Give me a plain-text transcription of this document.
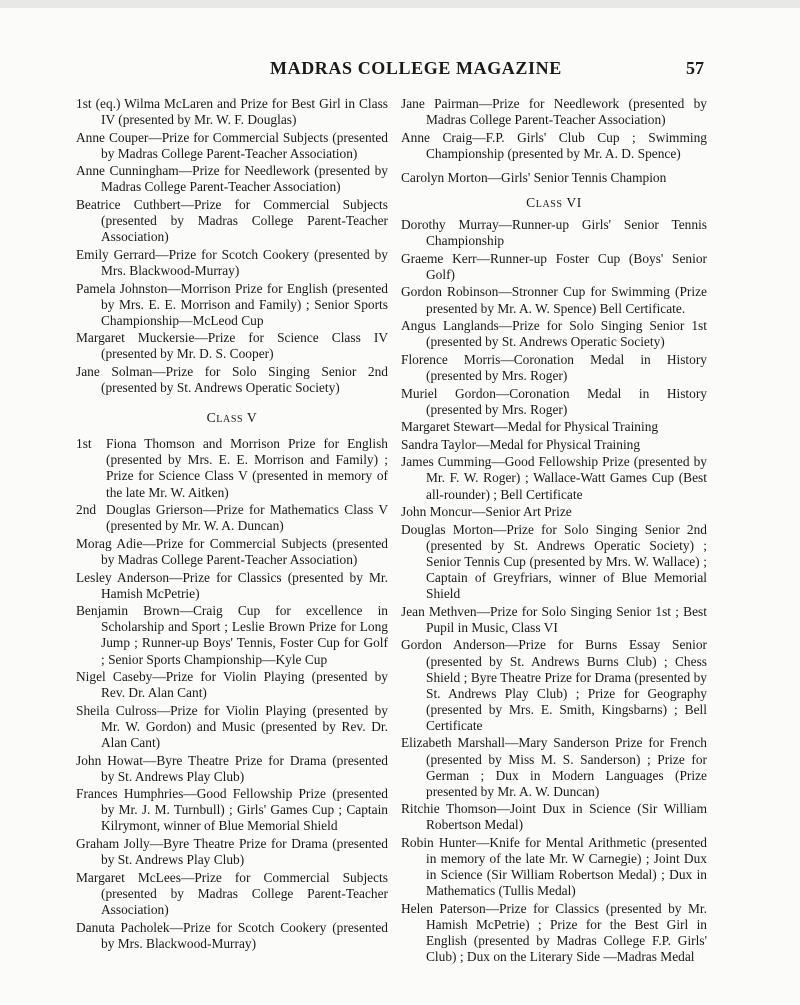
MADRAS COLLEGE MAGAZINE	57

1st (eq.) Wilma McLaren and Prize for Best Girl in Class IV (presented by Mr. W. F. Douglas)

Anne Couper—Prize for Commercial Subjects (presented by Madras College Parent-Teacher Association)

Anne Cunningham—Prize for Needlework (presented by Madras College Parent-Teacher Association)

Beatrice Cuthbert—Prize for Commercial Subjects (presented by Madras College Parent-Teacher Association)

Emily Gerrard—Prize for Scotch Cookery (presented by Mrs. Blackwood-Murray)

Pamela Johnston—Morrison Prize for English (presented by Mrs. E. E. Morrison and Family) ; Senior Sports Championship—McLeod Cup

Margaret Muckersie—Prize for Science Class IV (presented by Mr. D. S. Cooper)

Jane Solman—Prize for Solo Singing Senior 2nd (presented by St. Andrews Operatic Society)

Class V
1st	Fiona Thomson and Morrison Prize for English (presented by Mrs. E. E. Morrison and Family) ; Prize for Science Class V (presented in memory of the late Mr. W. Aitken)
2nd Douglas Grierson—Prize for Mathematics Class V (presented by Mr. W. A. Duncan)

Morag Adie—Prize for Commercial Subjects (presented by Madras College Parent-Teacher Association)

Lesley Anderson—Prize for Classics (presented by Mr. Hamish McPetrie)

Benjamin Brown—Craig Cup for excellence in Scholarship and Sport ; Leslie Brown Prize for Long Jump ; Runner-up Boys' Tennis, Foster Cup for Golf ; Senior Sports Championship—Kyle Cup

Nigel Caseby—Prize for Violin Playing (presented by Rev. Dr. Alan Cant)

Sheila Culross—Prize for Violin Playing (presented by Mr. W. Gordon) and Music (presented by Rev. Dr. Alan Cant)

John Howat—Byre Theatre Prize for Drama (presented by St. Andrews Play Club)

Frances Humphries—Good Fellowship Prize (presented by Mr. J. M. Turnbull) ; Girls' Games Cup ; Captain Kilrymont, winner of Blue Memorial Shield

Graham Jolly—Byre Theatre Prize for Drama (presented by St. Andrews Play Club)

Margaret McLees—Prize for Commercial Subjects (presented by Madras College Parent-Teacher Association)

Danuta Pacholek—Prize for Scotch Cookery (presented by Mrs. Blackwood-Murray)

Jane Pairman—Prize for Needlework (presented by Madras College Parent-Teacher Association)

Anne Craig—F.P. Girls' Club Cup ; Swimming Championship (presented by Mr. A. D. Spence)

Carolyn Morton—Girls' Senior Tennis Champion

Class VI

Dorothy Murray—Runner-up Girls' Senior Tennis Championship

Graeme Kerr—Runner-up Foster Cup (Boys' Senior Golf)

Gordon Robinson—Stronner Cup for Swimming (Prize presented by Mr. A. W. Spence) Bell Certificate.

Angus Langlands—Prize for Solo Singing Senior 1st (presented by St. Andrews Operatic Society)

Florence Morris—Coronation Medal in History (presented by Mrs. Roger)

Muriel Gordon—Coronation Medal in History (presented by Mrs. Roger)

Margaret Stewart—Medal for Physical Training

Sandra Taylor—Medal for Physical Training

James Cumming—Good Fellowship Prize (presented by Mr. F. W. Roger) ; Wallace-Watt Games Cup (Best all-rounder) ; Bell Certificate

John Moncur—Senior Art Prize

Douglas Morton—Prize for Solo Singing Senior 2nd (presented by St. Andrews Operatic Society) ; Senior Tennis Cup (presented by Mrs. W. Wallace) ; Captain of Greyfriars, winner of Blue Memorial Shield

Jean Methven—Prize for Solo Singing Senior 1st ; Best Pupil in Music, Class VI

Gordon Anderson—Prize for Burns Essay Senior (presented by St. Andrews Burns Club) ; Chess Shield ; Byre Theatre Prize for Drama (presented by St. Andrews Play Club) ; Prize for Geography (presented by Mrs. E. Smith, Kingsbarns) ; Bell Certificate

Elizabeth Marshall—Mary Sanderson Prize for French (presented by Miss M. S. Sanderson) ; Prize for German ; Dux in Modern Languages (Prize presented by Mr. A. W. Duncan)

Ritchie Thomson—Joint Dux in Science (Sir William Robertson Medal)

Robin Hunter—Knife for Mental Arithmetic (presented in memory of the late Mr. W Carnegie) ; Joint Dux in Science (Sir William Robertson Medal) ; Dux in Mathematics (Tullis Medal)

Helen Paterson—Prize for Classics (presented by Mr. Hamish McPetrie) ; Prize for the Best Girl in English (presented by Madras College F.P. Girls' Club) ; Dux on the Literary Side —Madras Medal
